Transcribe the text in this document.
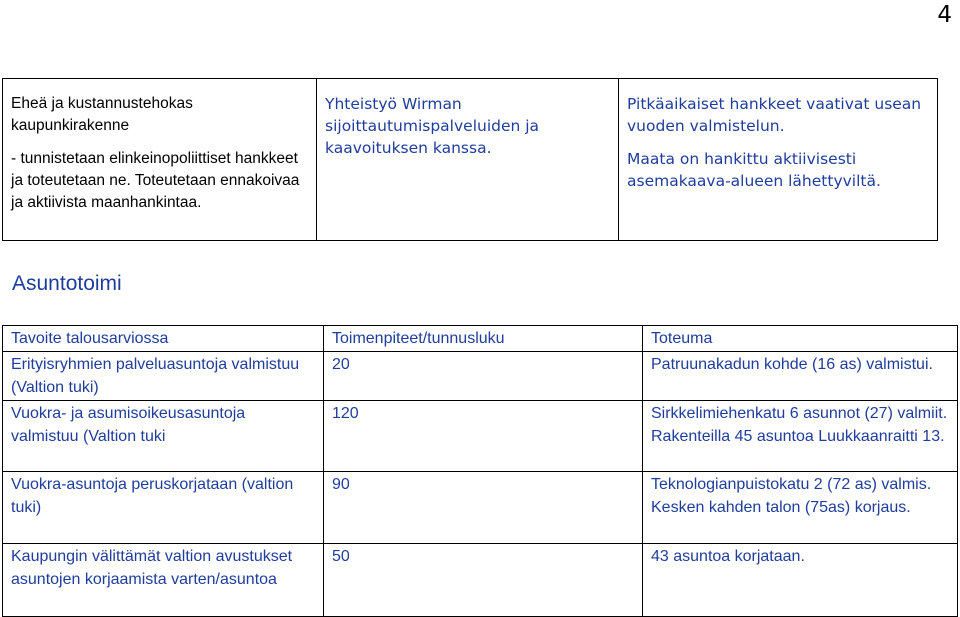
4
Eheä ja kustannustehokas kaupunkirakenne
- tunnistetaan elinkeinopoliittiset hankkeet ja toteutetaan ne. Toteutetaan ennakoivaa ja aktiivista maanhankintaa.

Yhteistyö Wirman sijoittautumispalveluiden ja kaavoituksen kanssa.

Pitkäaikaiset hankkeet vaativat usean vuoden valmistelun.
Maata on hankittu aktiivisesti asemakaava-alueen lähettyviltä.
Asuntotoimi
Tavoite talousarviossa	Toimenpiteet/tunnusluku	Toteuma
Erityisryhmien palveluasuntoja valmistuu (Valtion tuki)	20	Patruunakadun kohde (16 as) valmistui.
Vuokra- ja asumisoikeusasuntoja valmistuu (Valtion tuki	120	Sirkkelimiehenkatu 6 asunnot (27) valmiit. Rakenteilla 45 asuntoa Luukkaanraitti 13.
Vuokra-asuntoja peruskorjataan (valtion tuki)	90	Teknologianpuistokatu 2 (72 as) valmis. Kesken kahden talon (75as) korjaus.
Kaupungin välittämät valtion avustukset asuntojen korjaamista varten/asuntoa	50	43 asuntoa korjataan.
